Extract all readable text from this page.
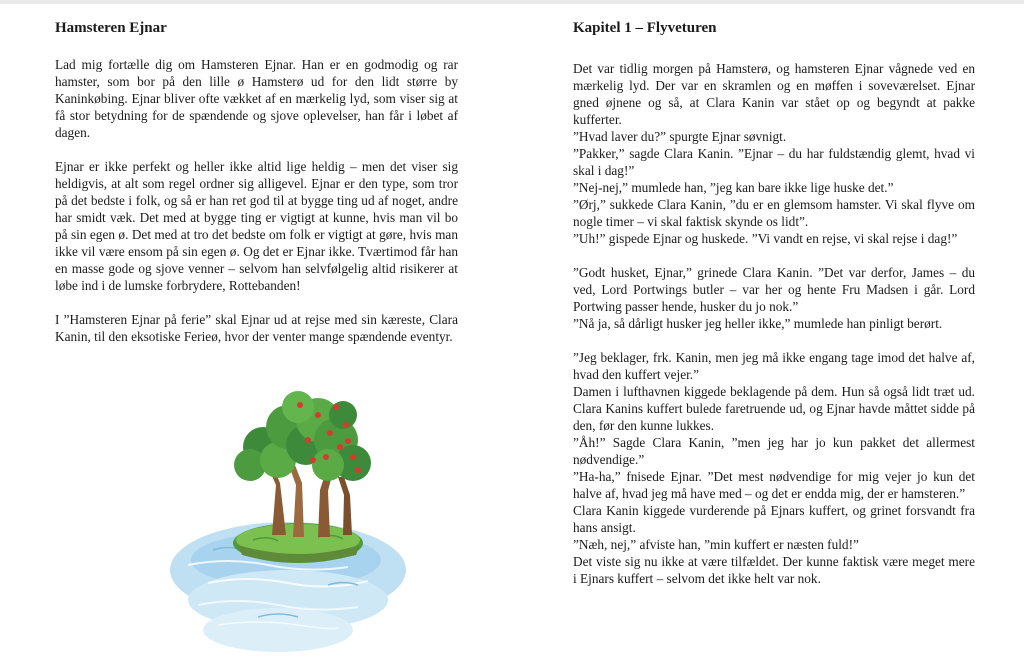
Hamsteren Ejnar

Lad mig fortælle dig om Hamsteren Ejnar. Han er en godmodig og rar hamster, som bor på den lille ø Hamsterø ud for den lidt større by Kaninkøbing. Ejnar bliver ofte vækket af en mærkelig lyd, som viser sig at få stor betydning for de spændende og sjove oplevelser, han får i løbet af dagen.

Ejnar er ikke perfekt og heller ikke altid lige heldig – men det viser sig heldigvis, at alt som regel ordner sig alligevel. Ejnar er den type, som tror på det bedste i folk, og så er han ret god til at bygge ting ud af noget, andre har smidt væk. Det med at bygge ting er vigtigt at kunne, hvis man vil bo på sin egen ø. Det med at tro det bedste om folk er vigtigt at gøre, hvis man ikke vil være ensom på sin egen ø. Og det er Ejnar ikke. Tværtimod får han en masse gode og sjove venner – selvom han selvfølgelig altid risikerer at løbe ind i de lumske forbrydere, Rottebanden!

I ”Hamsteren Ejnar på ferie” skal Ejnar ud at rejse med sin kæreste, Clara Kanin, til den eksotiske Ferieø, hvor der venter mange spændende eventyr.

Kapitel 1 – Flyveturen
Det var tidlig morgen på Hamsterø, og hamsteren Ejnar vågnede ved en mærkelig lyd. Der var en skramlen og en møffen i soveværelset. Ejnar gned øjnene og så, at Clara Kanin var stået op og begyndt at pakke kufferter.
”Hvad laver du?” spurgte Ejnar søvnigt.
”Pakker,” sagde Clara Kanin. ”Ejnar – du har fuldstændig glemt, hvad vi skal i dag!”
”Nej-nej,” mumlede han, ”jeg kan bare ikke lige huske det.”
”Ørj,” sukkede Clara Kanin, ”du er en glemsom hamster. Vi skal flyve om nogle timer – vi skal faktisk skynde os lidt”.
”Uh!” gispede Ejnar og huskede. ”Vi vandt en rejse, vi skal rejse i dag!”
”Godt husket, Ejnar,” grinede Clara Kanin. ”Det var derfor, James – du ved, Lord Portwings butler – var her og hente Fru Madsen i går. Lord Portwing passer hende, husker du jo nok.”
”Nå ja, så dårligt husker jeg heller ikke,” mumlede han pinligt berørt.
”Jeg beklager, frk. Kanin, men jeg må ikke engang tage imod det halve af, hvad den kuffert vejer.”
Damen i lufthavnen kiggede beklagende på dem. Hun så også lidt træt ud. Clara Kanins kuffert bulede faretruende ud, og Ejnar havde måttet sidde på den, før den kunne lukkes.
”Åh!” Sagde Clara Kanin, ”men jeg har jo kun pakket det allermest nødvendige.”
”Ha-ha,” fnisede Ejnar. ”Det mest nødvendige for mig vejer jo kun det halve af, hvad jeg må have med – og det er endda mig, der er hamsteren.”
Clara Kanin kiggede vurderende på Ejnars kuffert, og grinet forsvandt fra hans ansigt.
”Næh, nej,” afviste han, ”min kuffert er næsten fuld!”
Det viste sig nu ikke at være tilfældet. Der kunne faktisk være meget mere i Ejnars kuffert – selvom det ikke helt var nok.
